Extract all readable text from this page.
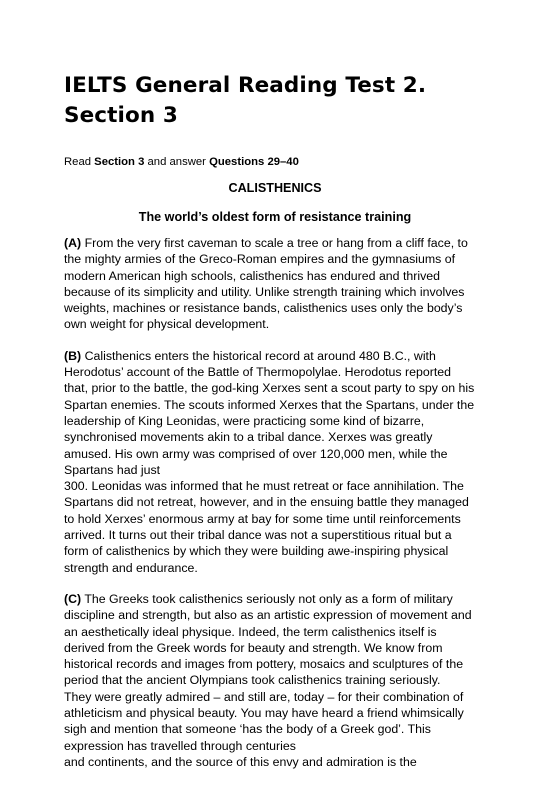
IELTS General Reading Test 2.
Section 3

Read Section 3 and answer Questions 29–40

CALISTHENICS

The world’s oldest form of resistance training

(A) From the very first caveman to scale a tree or hang from a cliff face, to
the mighty armies of the Greco-Roman empires and the gymnasiums of
modern American high schools, calisthenics has endured and thrived
because of its simplicity and utility. Unlike strength training which involves
weights, machines or resistance bands, calisthenics uses only the body’s
own weight for physical development.

(B) Calisthenics enters the historical record at around 480 B.C., with
Herodotus’ account of the Battle of Thermopolylae. Herodotus reported
that, prior to the battle, the god-king Xerxes sent a scout party to spy on his
Spartan enemies. The scouts informed Xerxes that the Spartans, under the
leadership of King Leonidas, were practicing some kind of bizarre,
synchronised movements akin to a tribal dance. Xerxes was greatly
amused. His own army was comprised of over 120,000 men, while the
Spartans had just
300. Leonidas was informed that he must retreat or face annihilation. The
Spartans did not retreat, however, and in the ensuing battle they managed
to hold Xerxes’ enormous army at bay for some time until reinforcements
arrived. It turns out their tribal dance was not a superstitious ritual but a
form of calisthenics by which they were building awe-inspiring physical
strength and endurance.

(C) The Greeks took calisthenics seriously not only as a form of military
discipline and strength, but also as an artistic expression of movement and
an aesthetically ideal physique. Indeed, the term calisthenics itself is
derived from the Greek words for beauty and strength. We know from
historical records and images from pottery, mosaics and sculptures of the
period that the ancient Olympians took calisthenics training seriously.
They were greatly admired – and still are, today – for their combination of
athleticism and physical beauty. You may have heard a friend whimsically
sigh and mention that someone ‘has the body of a Greek god’. This
expression has travelled through centuries
and continents, and the source of this envy and admiration is the
